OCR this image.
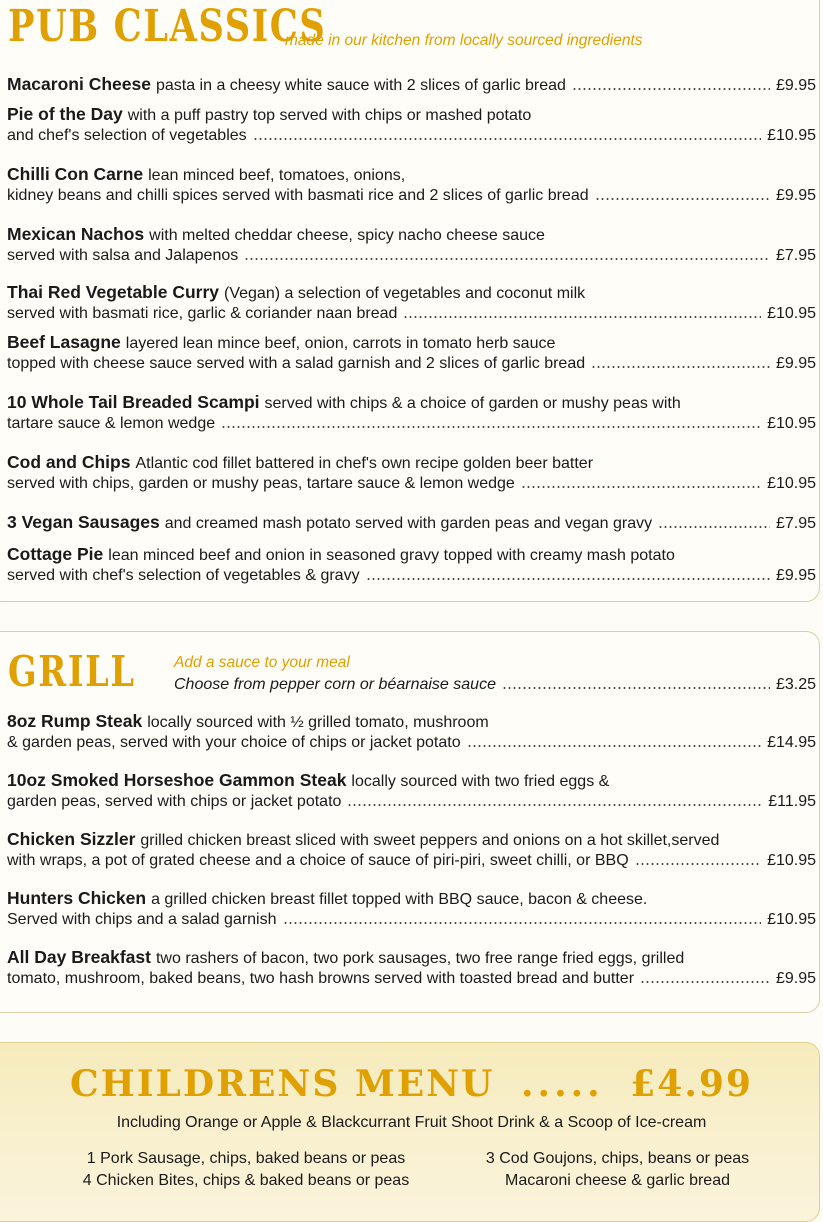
PUB CLASSICS
made in our kitchen from locally sourced ingredients
Macaroni Cheese pasta in a cheesy white sauce with 2 slices of garlic bread	£9.95
Pie of the Day with a puff pastry top served with chips or mashed potato
and chef's selection of vegetables	£10.95
Chilli Con Carne lean minced beef, tomatoes, onions,
kidney beans and chilli spices served with basmati rice and 2 slices of garlic bread	£9.95
Mexican Nachos with melted cheddar cheese, spicy nacho cheese sauce
served with salsa and Jalapenos	£7.95
Thai Red Vegetable Curry (Vegan) a selection of vegetables and coconut milk
served with basmati rice, garlic & coriander naan bread	£10.95
Beef Lasagne layered lean mince beef, onion, carrots in tomato herb sauce
topped with cheese sauce served with a salad garnish and 2 slices of garlic bread	£9.95
10 Whole Tail Breaded Scampi served with chips & a choice of garden or mushy peas with
tartare sauce & lemon wedge	£10.95
Cod and Chips Atlantic cod fillet battered in chef's own recipe golden beer batter
served with chips, garden or mushy peas, tartare sauce & lemon wedge	£10.95
3 Vegan Sausages and creamed mash potato served with garden peas and vegan gravy	£7.95
Cottage Pie lean minced beef and onion in seasoned gravy topped with creamy mash potato
served with chef's selection of vegetables & gravy	£9.95
GRILL Add a sauce to your meal
Choose from pepper corn or béarnaise sauce	£3.25
8oz Rump Steak locally sourced with ½ grilled tomato, mushroom
& garden peas, served with your choice of chips or jacket potato	£14.95
10oz Smoked Horseshoe Gammon Steak locally sourced with two fried eggs &
garden peas, served with chips or jacket potato	£11.95
Chicken Sizzler grilled chicken breast sliced with sweet peppers and onions on a hot skillet,served
with wraps, a pot of grated cheese and a choice of sauce of piri-piri, sweet chilli, or BBQ	£10.95
Hunters Chicken a grilled chicken breast fillet topped with BBQ sauce, bacon & cheese.
Served with chips and a salad garnish	£10.95
All Day Breakfast two rashers of bacon, two pork sausages, two free range fried eggs, grilled
tomato, mushroom, baked beans, two hash browns served with toasted bread and butter	£9.95
CHILDRENS MENU ..... £4.99
Including Orange or Apple & Blackcurrant Fruit Shoot Drink & a Scoop of Ice-cream
1 Pork Sausage, chips, baked beans or peas
4 Chicken Bites, chips & baked beans or peas
3 Cod Goujons, chips, beans or peas
Macaroni cheese & garlic bread
